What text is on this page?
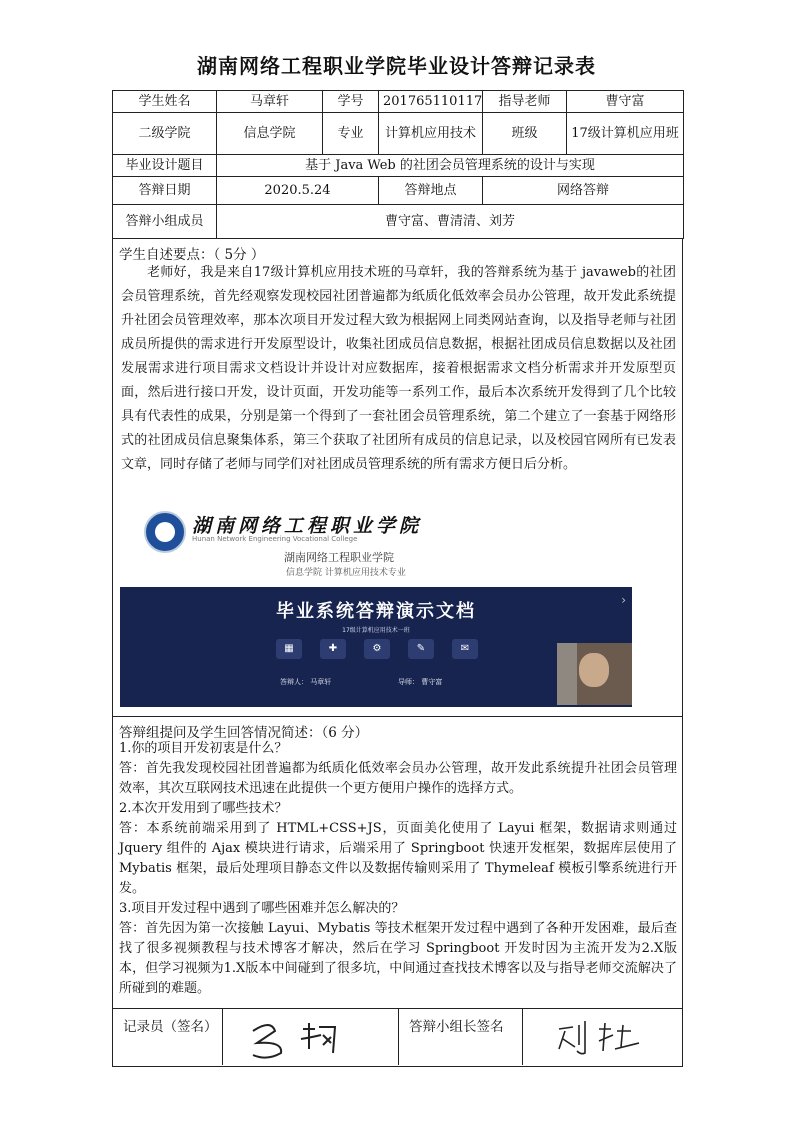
湖南网络工程职业学院毕业设计答辩记录表
学生姓名	马章轩	学号	201765110117	指导老师	曹守富
二级学院	信息学院	专业	计算机应用技术	班级	17级计算机应用班
毕业设计题目	基于 Java Web 的社团会员管理系统的设计与实现				
答辩日期	2020.5.24		答辩地点	网络答辩	
答辩小组成员	曹守富、曹清清、刘芳				
学生自述要点：（ 5分 ）
老师好，我是来自17级计算机应用技术班的马章轩，我的答辩系统为基于 javaweb的社团会员管理系统，首先经观察发现校园社团普遍都为纸质化低效率会员办公管理，故开发此系统提升社团会员管理效率，那本次项目开发过程大致为根据网上同类网站查询，以及指导老师与社团成员所提供的需求进行开发原型设计，收集社团成员信息数据，根据社团成员信息数据以及社团发展需求进行项目需求文档设计并设计对应数据库，接着根据需求文档分析需求并开发原型页面，然后进行接口开发，设计页面，开发功能等一系列工作，最后本次系统开发得到了几个比较具有代表性的成果，分别是第一个得到了一套社团会员管理系统，第二个建立了一套基于网络形式的社团成员信息聚集体系，第三个获取了社团所有成员的信息记录，以及校园官网所有已发表文章，同时存储了老师与同学们对社团成员管理系统的所有需求方便日后分析。
湖南网络工程职业学院
Hunan Network Engineering Vocational College
湖南网络工程职业学院
信息学院 计算机应用技术专业
›
毕业系统答辩演示文档
17级计算机应用技术一班
▦	✚	⚙	✎	✉
答辩人： 马章轩	导师： 曹守富
答辩组提问及学生回答情况简述：（6 分）

1.你的项目开发初衷是什么？

答：首先我发现校园社团普遍都为纸质化低效率会员办公管理，故开发此系统提升社团会员管理效率，其次互联网技术迅速在此提供一个更方便用户操作的选择方式。

2.本次开发用到了哪些技术？

答：本系统前端采用到了 HTML+CSS+JS，页面美化使用了 Layui 框架，数据请求则通过 Jquery 组件的 Ajax 模块进行请求，后端采用了 Springboot 快速开发框架，数据库层使用了 Mybatis 框架，最后处理项目静态文件以及数据传输则采用了 Thymeleaf 模板引擎系统进行开发。

3.项目开发过程中遇到了哪些困难并怎么解决的？

答：首先因为第一次接触 Layui、Mybatis 等技术框架开发过程中遇到了各种开发困难，最后查找了很多视频教程与技术博客才解决，然后在学习 Springboot 开发时因为主流开发为2.X版本，但学习视频为1.X版本中间碰到了很多坑，中间通过查找技术博客以及与指导老师交流解决了所碰到的难题。

记录员（签名）	答辩小组长签名
